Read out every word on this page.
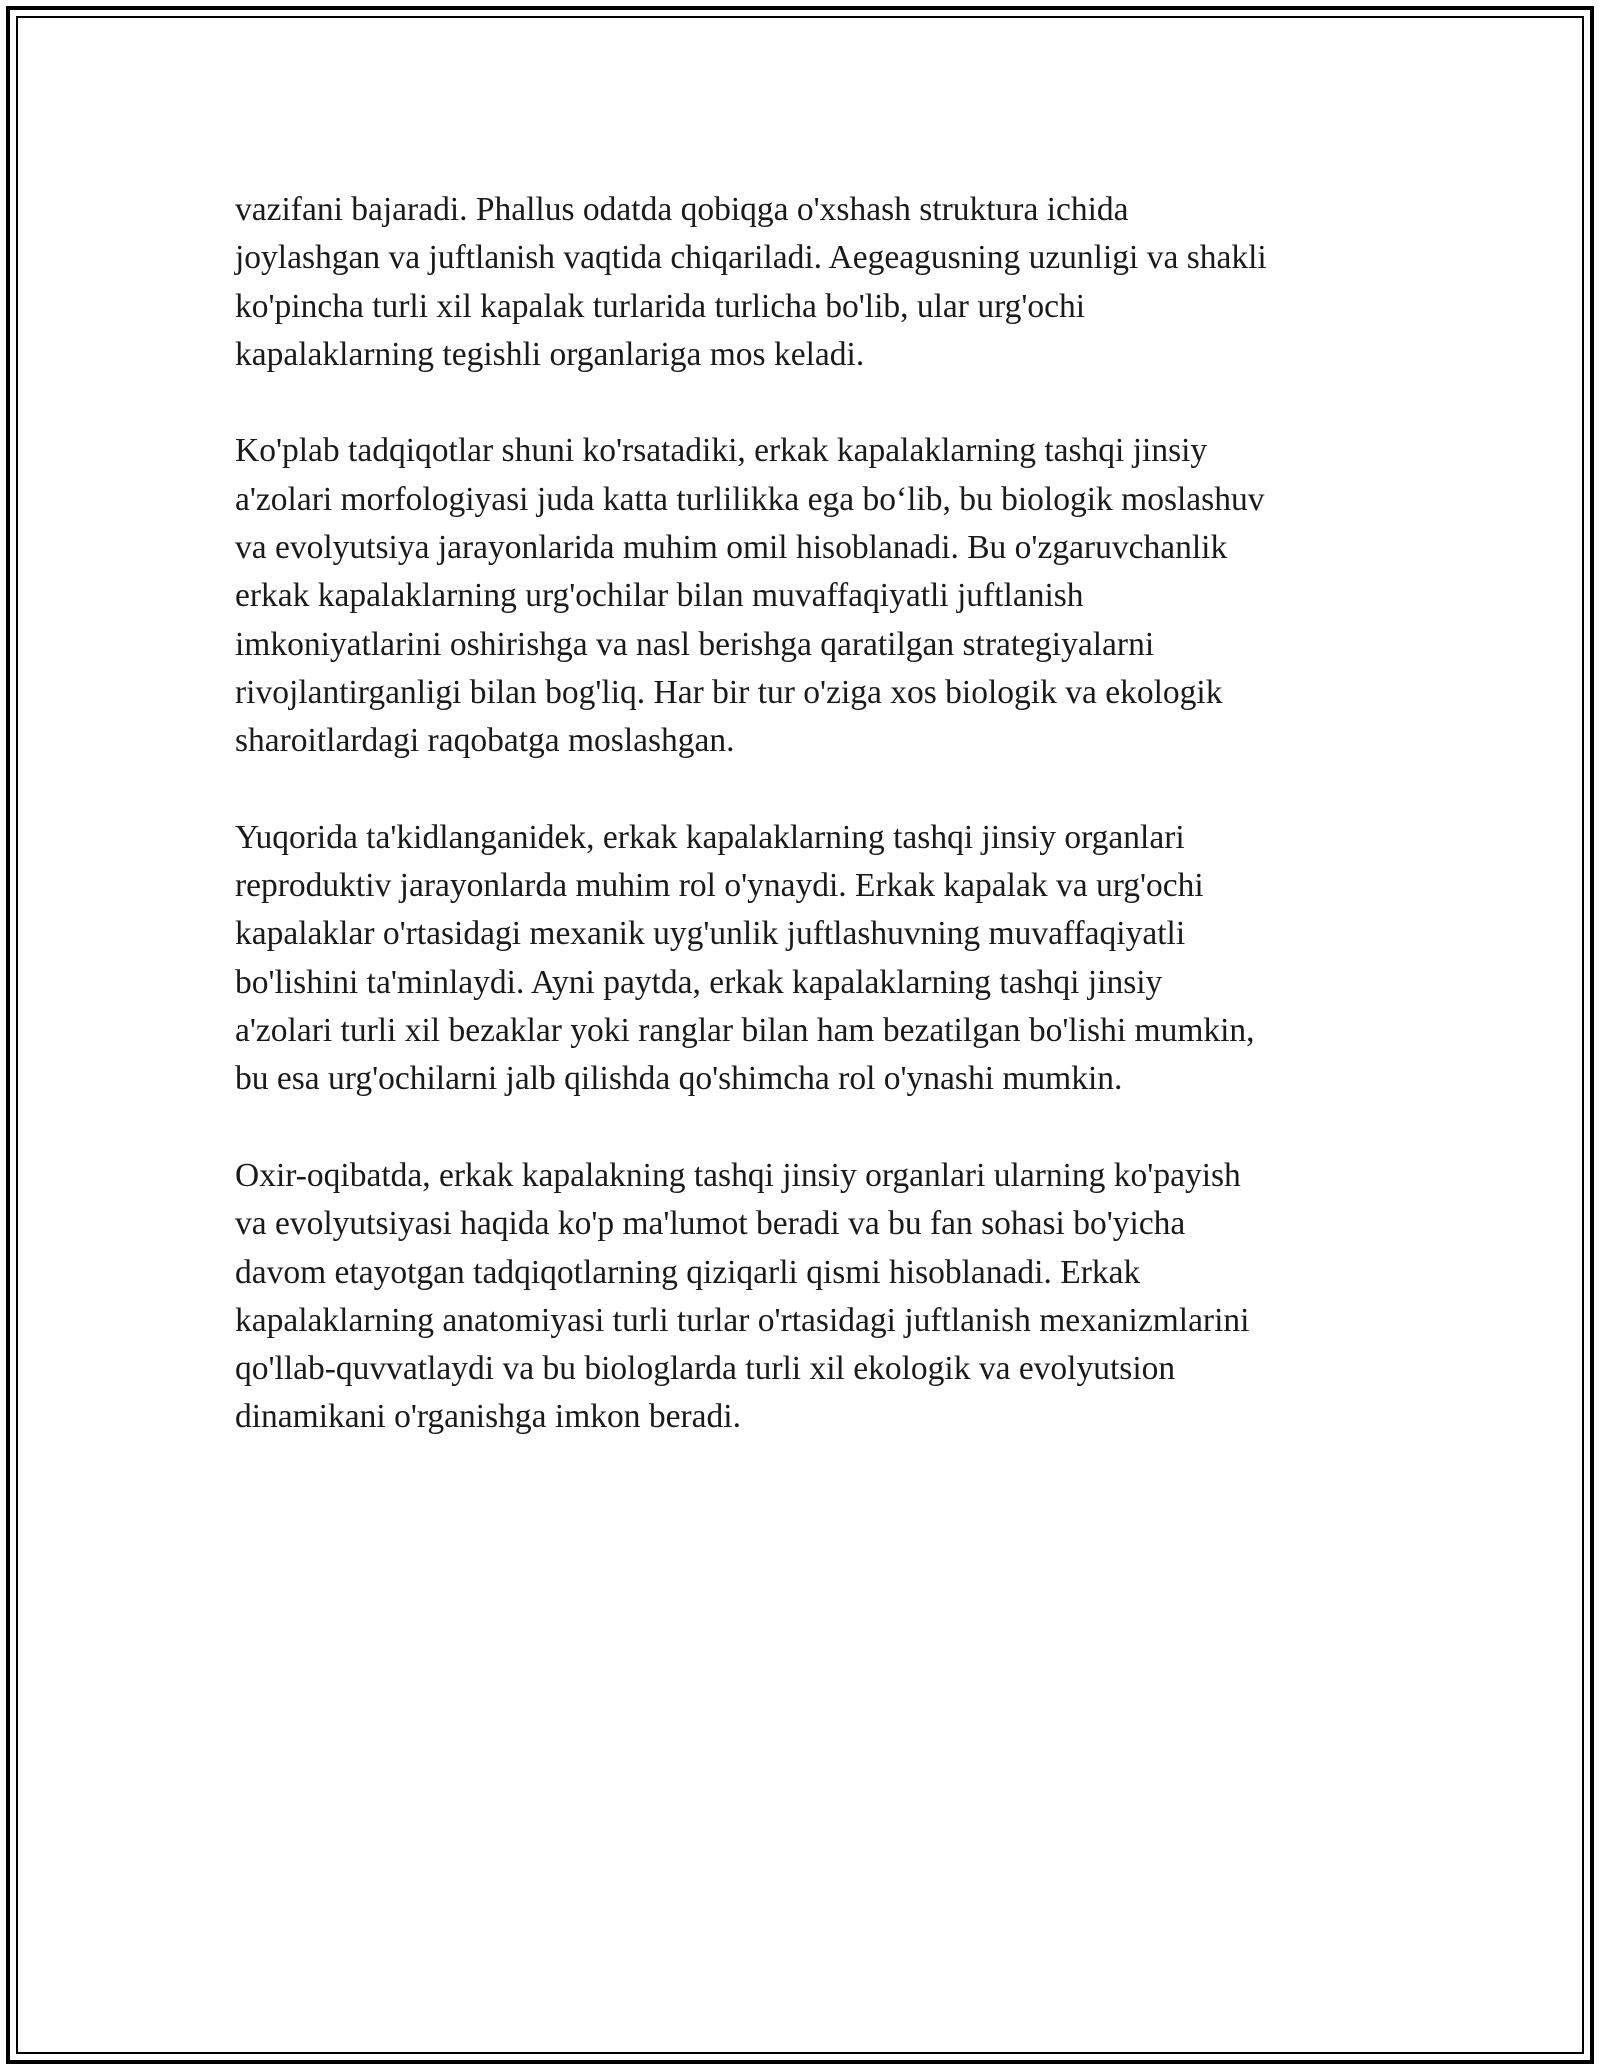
vazifani bajaradi. Phallus odatda qobiqga o'xshash struktura ichida
joylashgan va juftlanish vaqtida chiqariladi. Aegeagusning uzunligi va shakli
ko'pincha turli xil kapalak turlarida turlicha bo'lib, ular urg'ochi
kapalaklarning tegishli organlariga mos keladi.

Ko'plab tadqiqotlar shuni ko'rsatadiki, erkak kapalaklarning tashqi jinsiy
a'zolari morfologiyasi juda katta turlilikka ega bo‘lib, bu biologik moslashuv
va evolyutsiya jarayonlarida muhim omil hisoblanadi. Bu o'zgaruvchanlik
erkak kapalaklarning urg'ochilar bilan muvaffaqiyatli juftlanish
imkoniyatlarini oshirishga va nasl berishga qaratilgan strategiyalarni
rivojlantirganligi bilan bog'liq. Har bir tur o'ziga xos biologik va ekologik
sharoitlardagi raqobatga moslashgan.

Yuqorida ta'kidlanganidek, erkak kapalaklarning tashqi jinsiy organlari
reproduktiv jarayonlarda muhim rol o'ynaydi. Erkak kapalak va urg'ochi
kapalaklar o'rtasidagi mexanik uyg'unlik juftlashuvning muvaffaqiyatli
bo'lishini ta'minlaydi. Ayni paytda, erkak kapalaklarning tashqi jinsiy
a'zolari turli xil bezaklar yoki ranglar bilan ham bezatilgan bo'lishi mumkin,
bu esa urg'ochilarni jalb qilishda qo'shimcha rol o'ynashi mumkin.

Oxir-oqibatda, erkak kapalakning tashqi jinsiy organlari ularning ko'payish
va evolyutsiyasi haqida ko'p ma'lumot beradi va bu fan sohasi bo'yicha
davom etayotgan tadqiqotlarning qiziqarli qismi hisoblanadi. Erkak
kapalaklarning anatomiyasi turli turlar o'rtasidagi juftlanish mexanizmlarini
qo'llab-quvvatlaydi va bu biologlarda turli xil ekologik va evolyutsion
dinamikani o'rganishga imkon beradi.
